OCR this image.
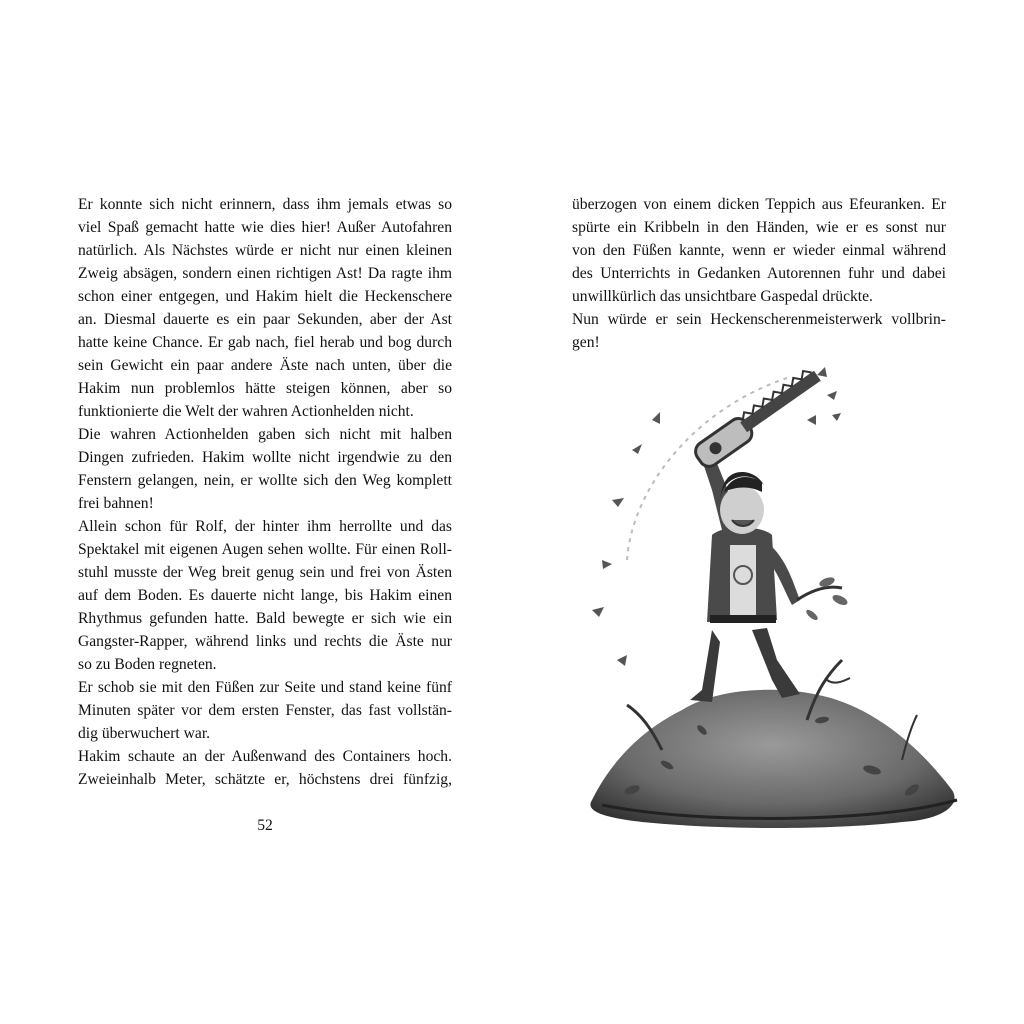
Er konnte sich nicht erinnern, dass ihm jemals etwas so
viel Spaß gemacht hatte wie dies hier! Außer Autofahren
natürlich. Als Nächstes würde er nicht nur einen kleinen
Zweig absägen, sondern einen richtigen Ast! Da ragte ihm
schon einer entgegen, und Hakim hielt die Heckenschere
an. Diesmal dauerte es ein paar Sekunden, aber der Ast
hatte keine Chance. Er gab nach, fiel herab und bog durch
sein Gewicht ein paar andere Äste nach unten, über die
Hakim nun problemlos hätte steigen können, aber so
funktionierte die Welt der wahren Actionhelden nicht.
Die wahren Actionhelden gaben sich nicht mit halben
Dingen zufrieden. Hakim wollte nicht irgendwie zu den
Fenstern gelangen, nein, er wollte sich den Weg komplett
frei bahnen!
Allein schon für Rolf, der hinter ihm herrollte und das
Spektakel mit eigenen Augen sehen wollte. Für einen Roll-
stuhl musste der Weg breit genug sein und frei von Ästen
auf dem Boden. Es dauerte nicht lange, bis Hakim einen
Rhythmus gefunden hatte. Bald bewegte er sich wie ein
Gangster-Rapper, während links und rechts die Äste nur
so zu Boden regneten.
Er schob sie mit den Füßen zur Seite und stand keine fünf
Minuten später vor dem ersten Fenster, das fast vollstän-
dig überwuchert war.
Hakim schaute an der Außenwand des Containers hoch.
Zweieinhalb Meter, schätzte er, höchstens drei fünfzig,
52
überzogen von einem dicken Teppich aus Efeuranken. Er
spürte ein Kribbeln in den Händen, wie er es sonst nur
von den Füßen kannte, wenn er wieder einmal während
des Unterrichts in Gedanken Autorennen fuhr und dabei
unwillkürlich das unsichtbare Gaspedal drückte.
Nun würde er sein Heckenscherenmeisterwerk vollbrin-
gen!
